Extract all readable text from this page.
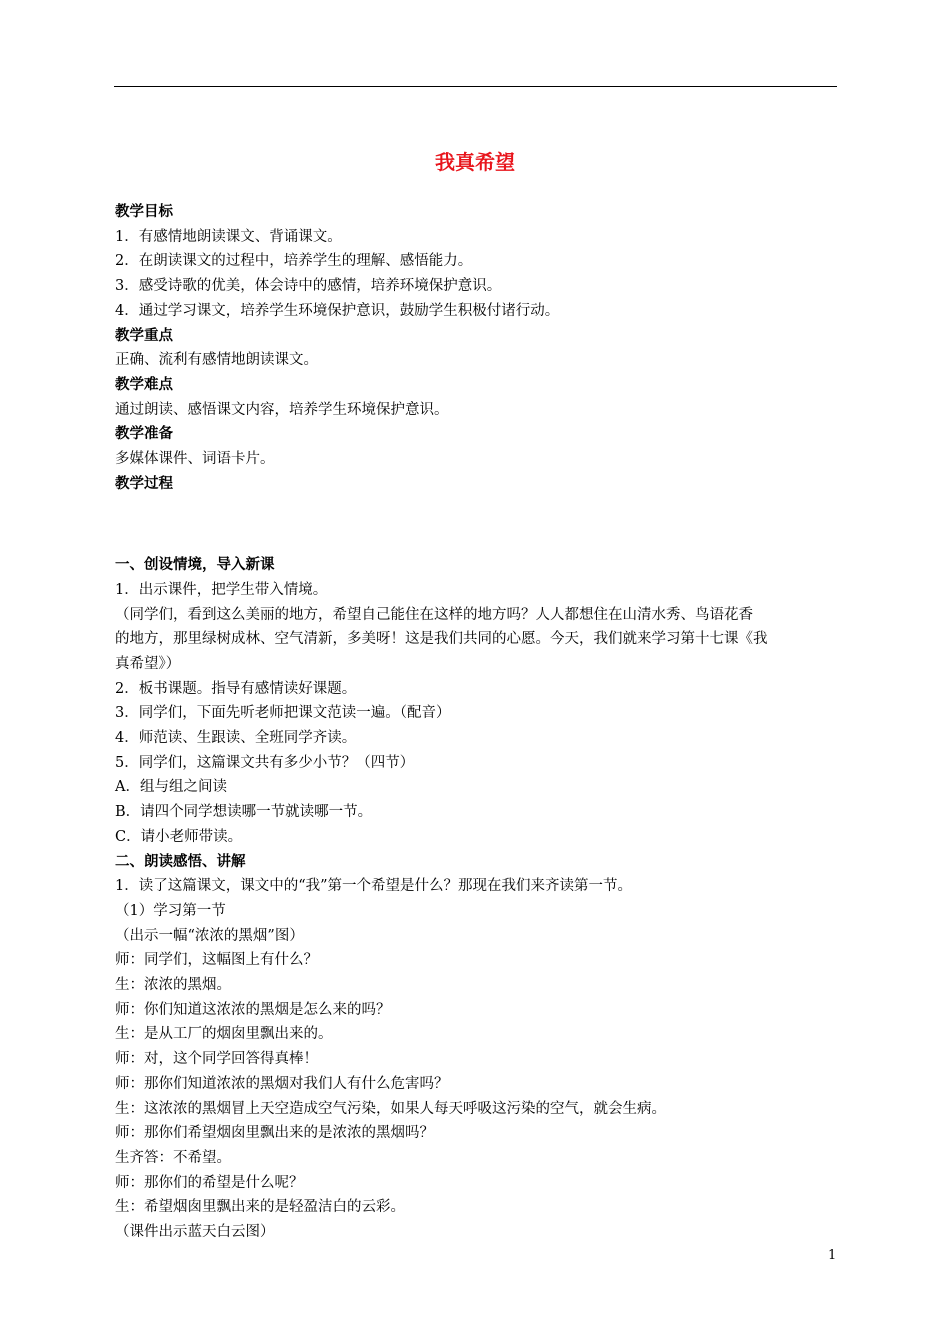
我真希望

教学目标

1．有感情地朗读课文、背诵课文。

2．在朗读课文的过程中，培养学生的理解、感悟能力。

3．感受诗歌的优美，体会诗中的感情，培养环境保护意识。

4．通过学习课文，培养学生环境保护意识，鼓励学生积极付诸行动。

教学重点

正确、流利有感情地朗读课文。

教学难点

通过朗读、感悟课文内容，培养学生环境保护意识。

教学准备

多媒体课件、词语卡片。

教学过程

一、创设情境，导入新课

1．出示课件，把学生带入情境。

（同学们，看到这么美丽的地方，希望自己能住在这样的地方吗？人人都想住在山清水秀、鸟语花香

的地方，那里绿树成林、空气清新，多美呀！这是我们共同的心愿。今天，我们就来学习第十七课《我

真希望》）

2．板书课题。指导有感情读好课题。

3．同学们，下面先听老师把课文范读一遍。（配音）

4．师范读、生跟读、全班同学齐读。

5．同学们，这篇课文共有多少小节？（四节）

A．组与组之间读

B．请四个同学想读哪一节就读哪一节。

C．请小老师带读。

二、朗读感悟、讲解

1．读了这篇课文，课文中的“我”第一个希望是什么？那现在我们来齐读第一节。

（1）学习第一节

（出示一幅“浓浓的黑烟”图）

师：同学们，这幅图上有什么？

生：浓浓的黑烟。

师：你们知道这浓浓的黑烟是怎么来的吗？

生：是从工厂的烟囱里飘出来的。

师：对，这个同学回答得真棒！

师：那你们知道浓浓的黑烟对我们人有什么危害吗？

生：这浓浓的黑烟冒上天空造成空气污染，如果人每天呼吸这污染的空气，就会生病。

师：那你们希望烟囱里飘出来的是浓浓的黑烟吗？

生齐答：不希望。

师：那你们的希望是什么呢？

生：希望烟囱里飘出来的是轻盈洁白的云彩。

（课件出示蓝天白云图）

1
